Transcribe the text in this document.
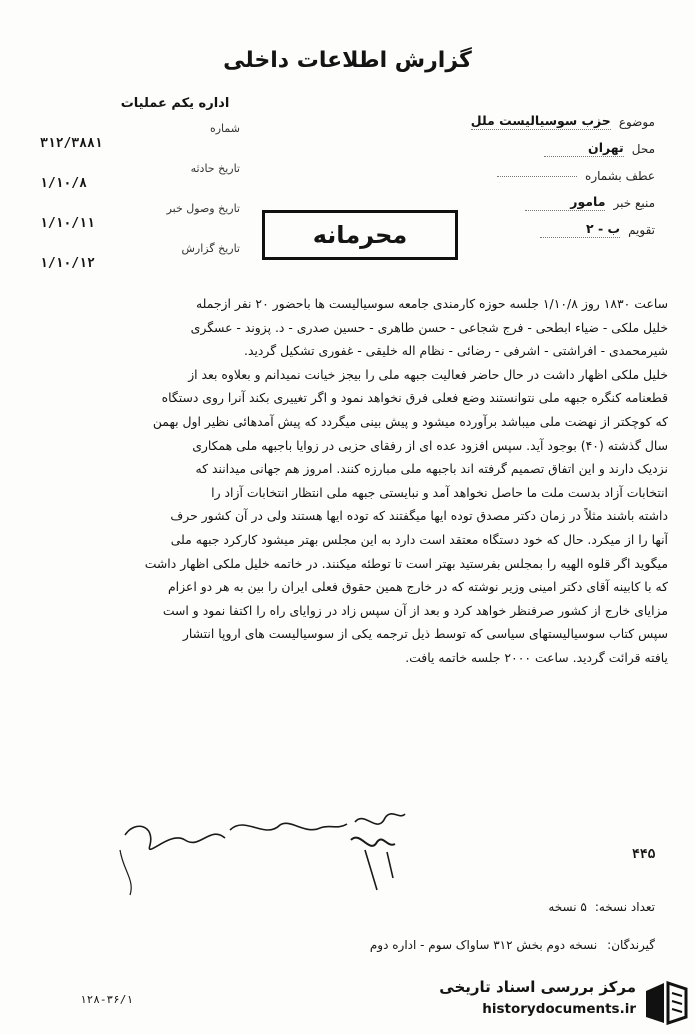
گزارش اطلاعات داخلی
اداره یکم عملیات
شماره
۳۱۲/۳۸۸۱
تاریخ حادثه
۱/۱۰/۸
تاریخ وصول خبر
۱/۱۰/۱۱
تاریخ گزارش
۱/۱۰/۱۲
موضوع
حزب سوسیالیست ملل
محل
تهران
عطف بشماره
منبع خبر
مامور
تقویم
ب - ۲
محرمانه
ساعت ۱۸۳۰ روز ۱/۱۰/۸ جلسه حوزه کارمندی جامعه سوسیالیست ها باحضور ۲۰ نفر ازجمله
خلیل ملکی - ضیاء ابطحی - فرج شجاعی - حسن طاهری - حسین صدری - د. پزوند - عسگری
شیرمحمدی - افراشتی - اشرفی - رضائی - نظام اله خلیقی - غفوری تشکیل گردید.
خلیل ملکی اظهار داشت در حال حاضر فعالیت جبهه ملی را بیجز خیانت نمیدانم و بعلاوه بعد از
قطعنامه کنگره جبهه ملی نتوانستند وضع فعلی فرق نخواهد نمود و اگر تغییری بکند آنرا روی دستگاه
که کوچکتر از نهضت ملی میباشد برآورده میشود و پیش بینی میگردد که پیش آمدهائی نظیر اول بهمن
سال گذشته (۴۰) بوجود آید. سپس افزود عده ای از رفقای حزبی در زوایا باجبهه ملی همکاری
نزدیک دارند و این اتفاق تصمیم گرفته اند باجبهه ملی مبارزه کنند. امروز هم جهانی میدانند که
انتخابات آزاد بدست ملت ما حاصل نخواهد آمد و نبایستی جبهه ملی انتظار انتخابات آزاد را
داشته باشند مثلاً در زمان دکتر مصدق توده ایها میگفتند که توده ایها هستند ولی در آن کشور حرف
آنها را از میکرد. حال که خود دستگاه معتقد است دارد به این مجلس بهتر میشود کارکرد جبهه ملی
میگوید اگر قلوه الهیه را بمجلس بفرستید بهتر است تا توطئه میکنند. در خاتمه خلیل ملکی اظهار داشت
که با کابینه آقای دکتر امینی وزیر نوشته که در خارج همین حقوق فعلی ایران را بین به هر دو اعزام
مزایای خارج از کشور صرفنظر خواهد کرد و بعد از آن سپس زاد در زوایای راه را اکتفا نمود و است
سپس کتاب سوسیالیستهای سیاسی که توسط ذیل ترجمه یکی از سوسیالیست های اروپا انتشار
یافته قرائت گردید. ساعت ۲۰۰۰ جلسه خاتمه یافت.
۴۴۵
تعداد نسخه:
۵ نسخه
گیرندگان:
نسخه دوم بخش ۳۱۲ ساواک سوم - اداره دوم
۱۲۸-۳۶/۱
مرکز بررسی اسناد تاریخی
historydocuments.ir
